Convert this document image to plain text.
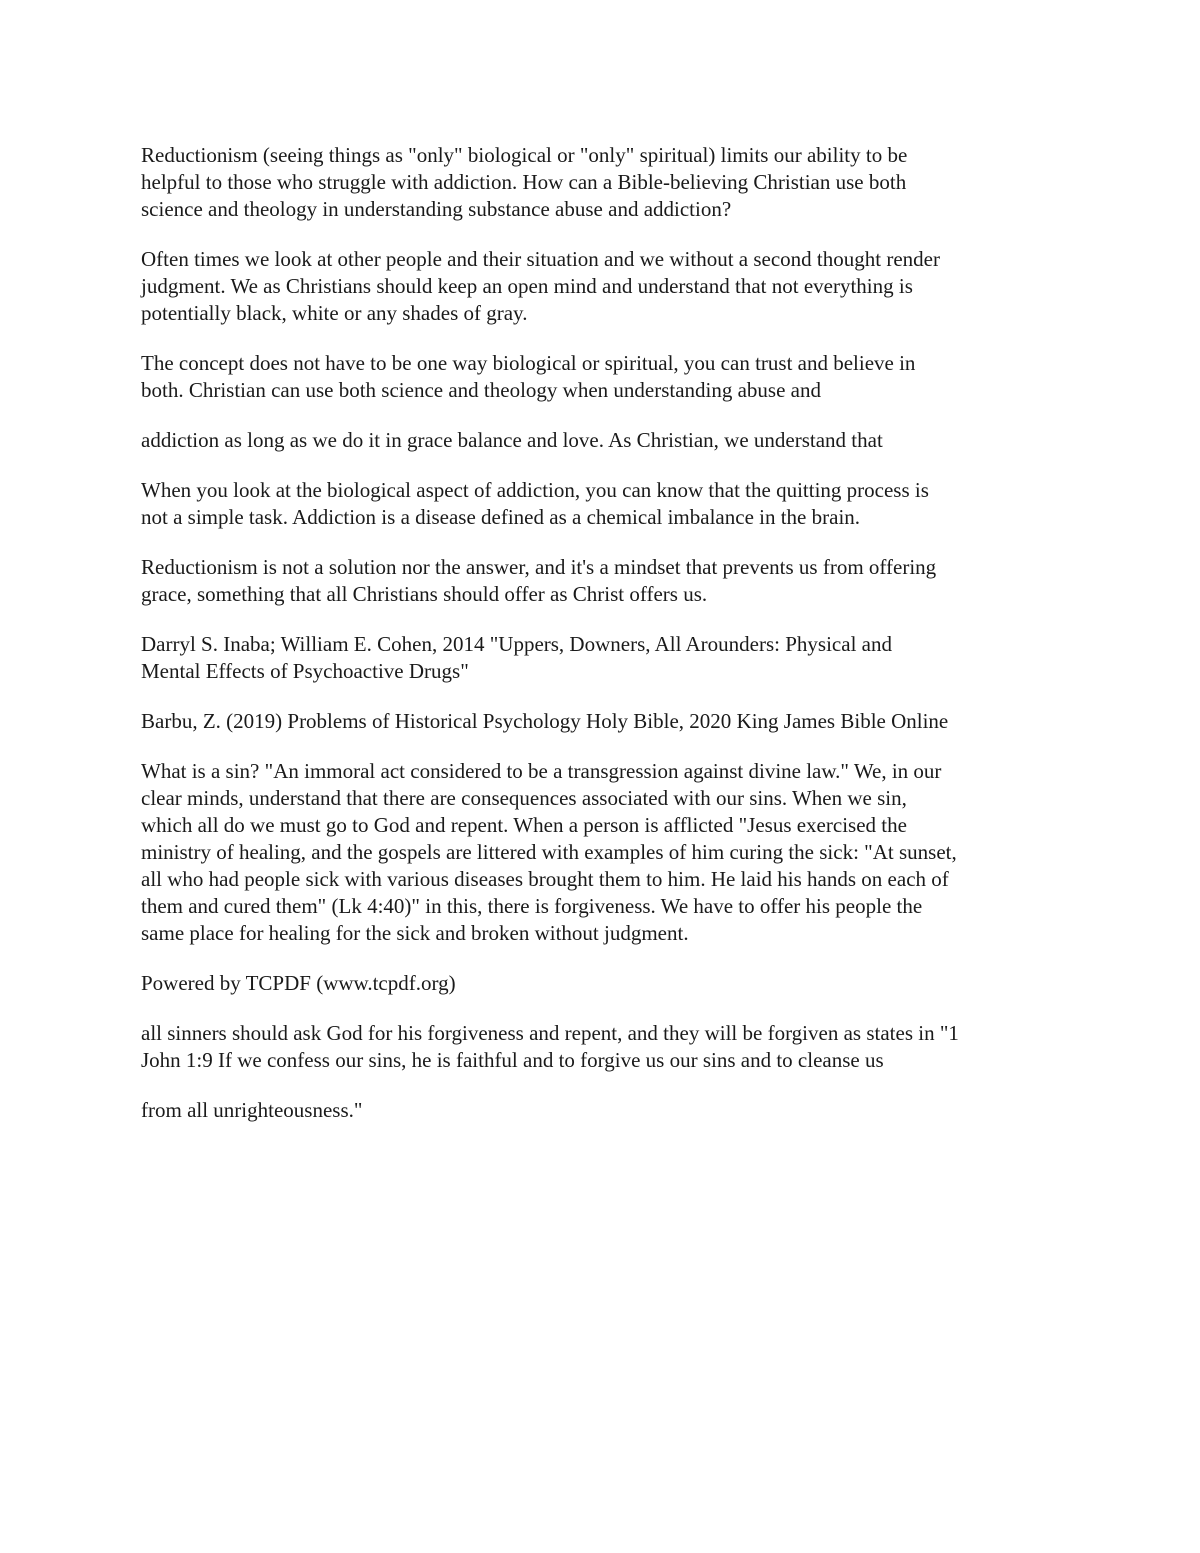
Reductionism (seeing things as "only" biological or "only" spiritual) limits our ability to be
helpful to those who struggle with addiction. How can a Bible-believing Christian use both
science and theology in understanding substance abuse and addiction?

Often times we look at other people and their situation and we without a second thought render
judgment. We as Christians should keep an open mind and understand that not everything is
potentially black, white or any shades of gray.

The concept does not have to be one way biological or spiritual, you can trust and believe in
both. Christian can use both science and theology when understanding abuse and

addiction as long as we do it in grace balance and love. As Christian, we understand that

When you look at the biological aspect of addiction, you can know that the quitting process is
not a simple task. Addiction is a disease defined as a chemical imbalance in the brain.

Reductionism is not a solution nor the answer, and it's a mindset that prevents us from offering
grace, something that all Christians should offer as Christ offers us.

Darryl S. Inaba; William E. Cohen, 2014 "Uppers, Downers, All Arounders: Physical and
Mental Effects of Psychoactive Drugs"

Barbu, Z. (2019) Problems of Historical Psychology Holy Bible, 2020 King James Bible Online

What is a sin? "An immoral act considered to be a transgression against divine law." We, in our
clear minds, understand that there are consequences associated with our sins. When we sin,
which all do we must go to God and repent. When a person is afflicted "Jesus exercised the
ministry of healing, and the gospels are littered with examples of him curing the sick: "At sunset,
all who had people sick with various diseases brought them to him. He laid his hands on each of
them and cured them" (Lk 4:40)" in this, there is forgiveness. We have to offer his people the
same place for healing for the sick and broken without judgment.

Powered by TCPDF (www.tcpdf.org)

all sinners should ask God for his forgiveness and repent, and they will be forgiven as states in "1
John 1:9 If we confess our sins, he is faithful and to forgive us our sins and to cleanse us

from all unrighteousness."
